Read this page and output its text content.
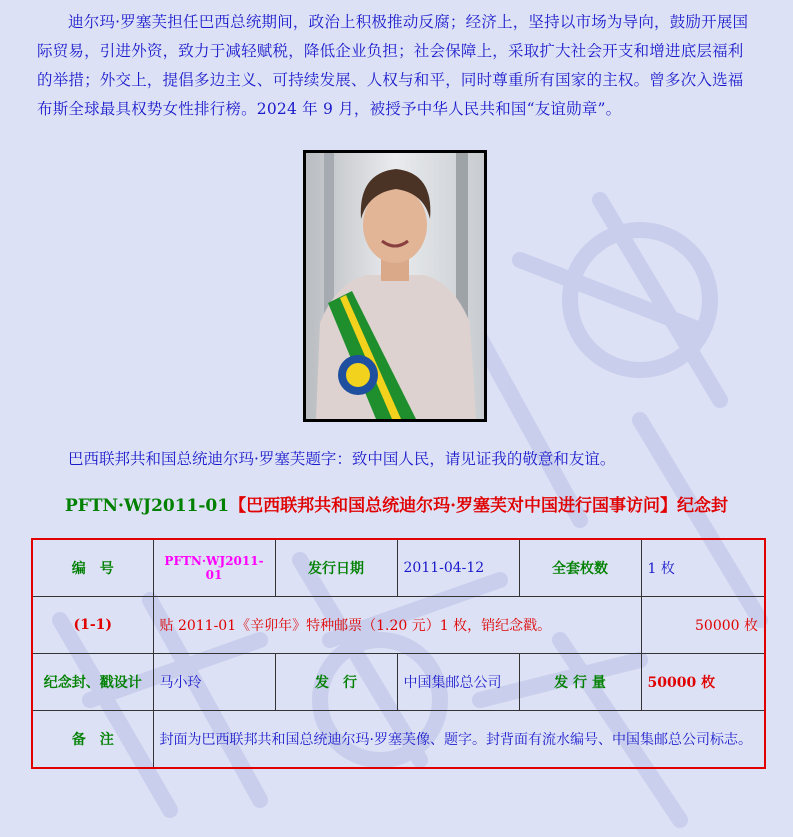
迪尔玛·罗塞芙担任巴西总统期间，政治上积极推动反腐；经济上，坚持以市场为导向，鼓励开展国际贸易，引进外资，致力于减轻赋税，降低企业负担；社会保障上，采取扩大社会开支和增进底层福利的举措；外交上，提倡多边主义、可持续发展、人权与和平，同时尊重所有国家的主权。曾多次入选福布斯全球最具权势女性排行榜。2024 年 9 月，被授予中华人民共和国“友谊勋章”。

巴西联邦共和国总统迪尔玛·罗塞芙题字：致中国人民，请见证我的敬意和友谊。

PFTN·WJ2011-01【巴西联邦共和国总统迪尔玛·罗塞芙对中国进行国事访问】纪念封

编　号	PFTN·WJ2011-01	发行日期	2011-04-12	全套枚数	1 枚
(1-1)	贴 2011-01《辛卯年》特种邮票（1.20 元）1 枚，销纪念戳。				50000 枚
纪念封、戳设计	马小玲	发　行	中国集邮总公司	发 行 量	50000 枚
备　注	封面为巴西联邦共和国总统迪尔玛·罗塞芙像、题字。封背面有流水编号、中国集邮总公司标志。				
